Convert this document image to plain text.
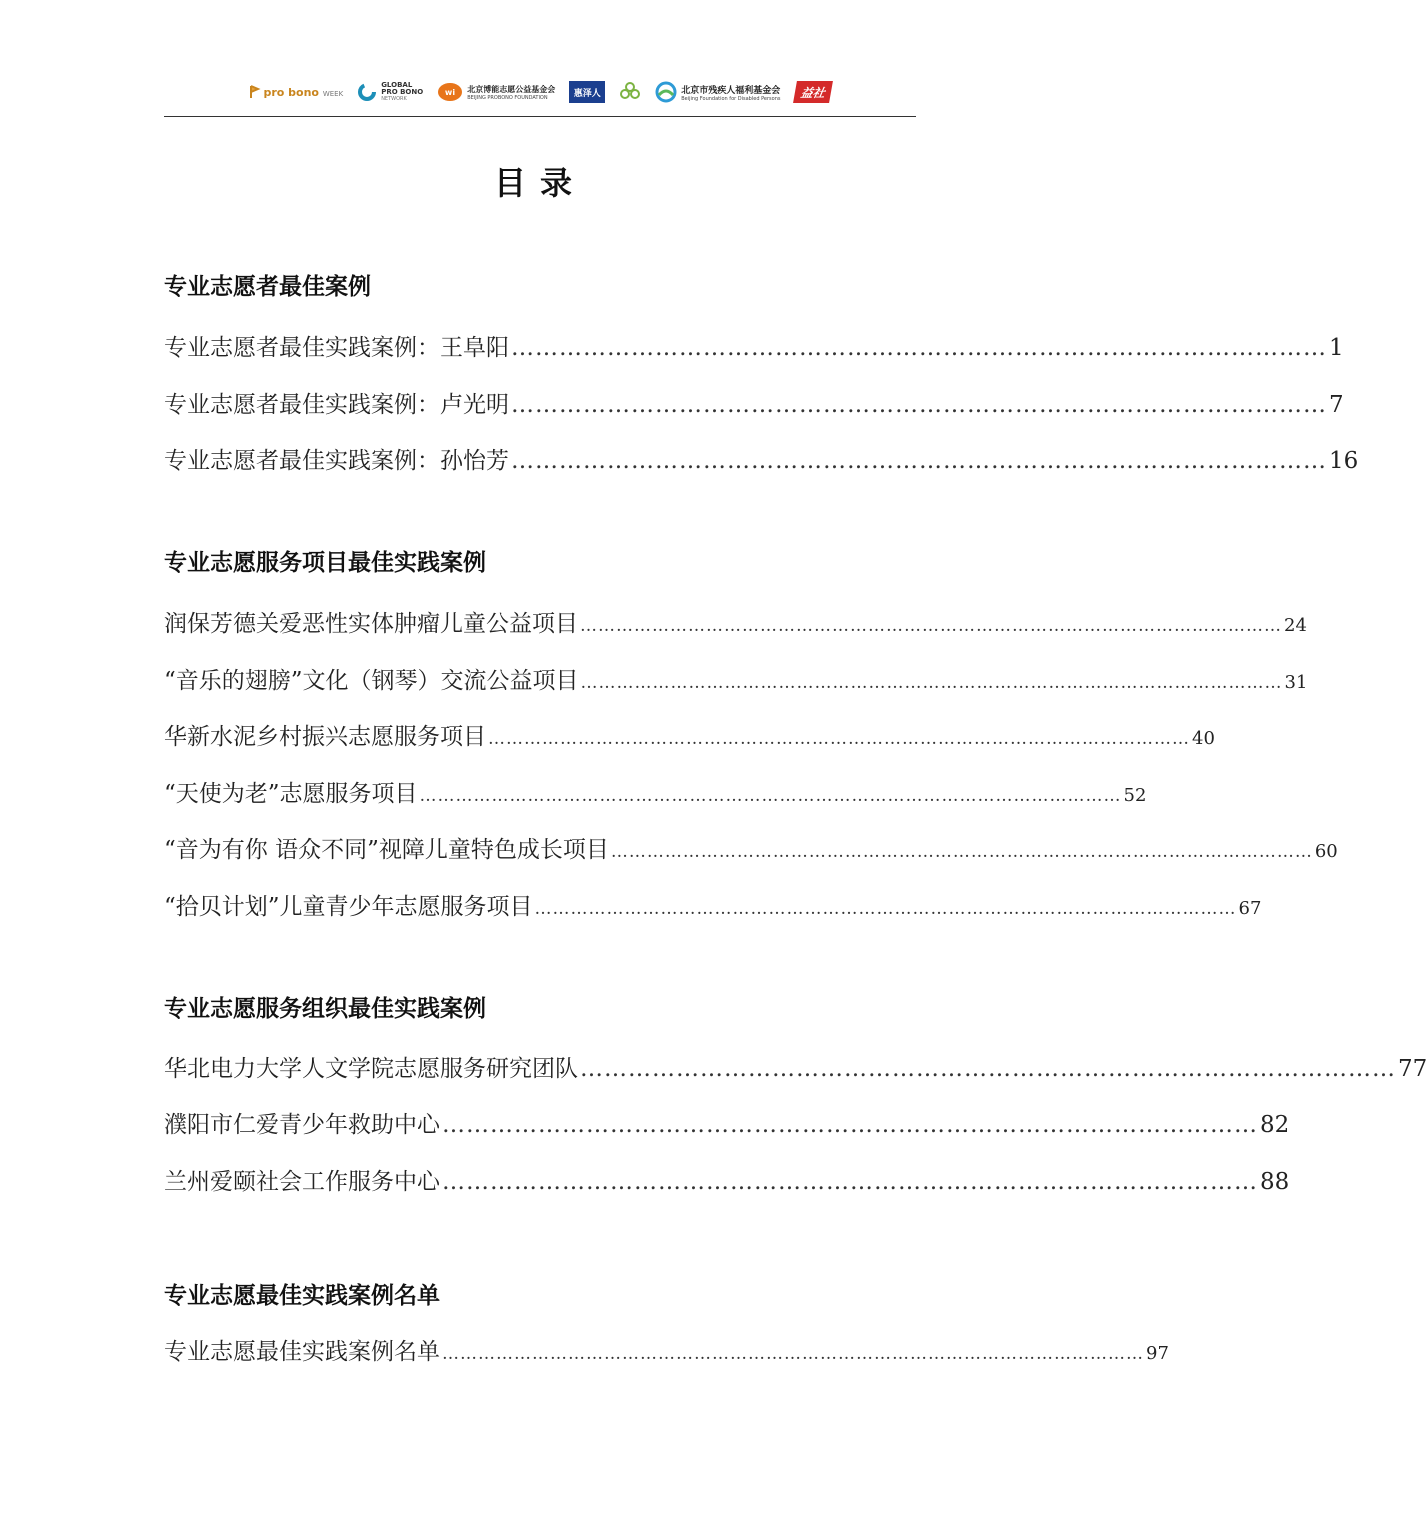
pro bono WEEK
GLOBAL
PRO BONO
NETWORK
wi 北京博能志愿公益基金会
BEIJING PROBONO FOUNDATION	惠泽人	北京市残疾人福利基金会
Beijing Foundation for Disabled Persons	益社
目录
专业志愿者最佳案例
专业志愿者最佳实践案例：王阜阳 ………………………………………………………………………………………… 1
专业志愿者最佳实践案例：卢光明 ………………………………………………………………………………………… 7
专业志愿者最佳实践案例：孙怡芳 ………………………………………………………………………………………… 16
专业志愿服务项目最佳实践案例
润保芳德关爱恶性实体肿瘤儿童公益项目 ……………………………………………………………………………………………………… 24
“音乐的翅膀”文化（钢琴）交流公益项目 ……………………………………………………………………………………………………… 31
华新水泥乡村振兴志愿服务项目 ……………………………………………………………………………………………………… 40
“天使为老”志愿服务项目 ……………………………………………………………………………………………………… 52
“音为有你 语众不同”视障儿童特色成长项目 ……………………………………………………………………………………………………… 60
“拾贝计划”儿童青少年志愿服务项目 ……………………………………………………………………………………………………… 67
专业志愿服务组织最佳实践案例
华北电力大学人文学院志愿服务研究团队 ………………………………………………………………………………………… 77
濮阳市仁爱青少年救助中心 ………………………………………………………………………………………… 82
兰州爱颐社会工作服务中心 ………………………………………………………………………………………… 88
专业志愿最佳实践案例名单
专业志愿最佳实践案例名单 ……………………………………………………………………………………………………… 97
